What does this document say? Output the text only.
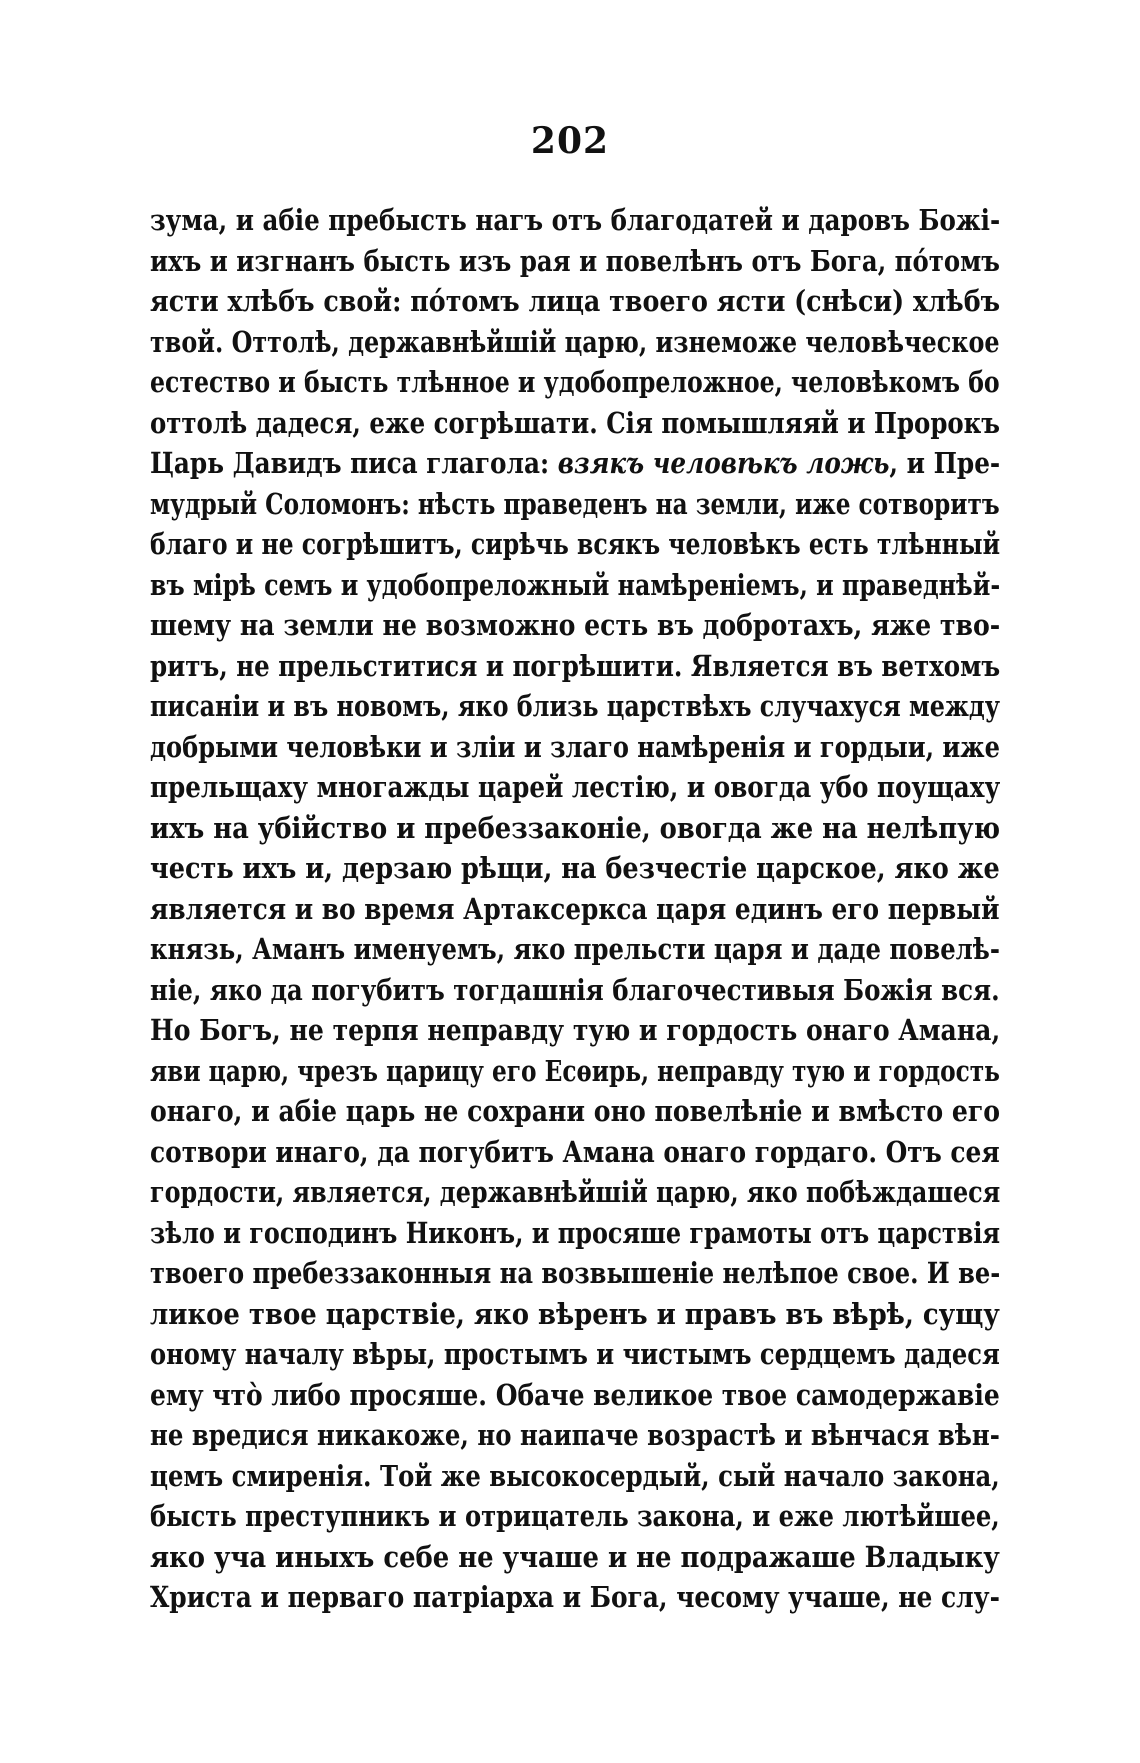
202
зума, и абіе пребысть нагъ отъ благодатей и даровъ Божі-
ихъ и изгнанъ бысть изъ рая и повелѣнъ отъ Бога, пóтомъ
ясти хлѣбъ свой: пóтомъ лица твоего ясти (снѣси) хлѣбъ
твой. Оттолѣ, державнѣйшій царю, изнеможе человѣческое
естество и бысть тлѣнное и удобопреложное, человѣкомъ бо
оттолѣ дадеся, еже согрѣшати. Сія помышляяй и Пророкъ
Царь Давидъ писа глагола: взякъ человѣкъ ложь, и Пре-
мудрый Соломонъ: нѣсть праведенъ на земли, иже сотворитъ
благо и не согрѣшитъ, сирѣчь всякъ человѣкъ есть тлѣнный
въ мірѣ семъ и удобопреложный намѣреніемъ, и праведнѣй-
шему на земли не возможно есть въ добротахъ, яже тво-
ритъ, не прельститися и погрѣшити. Является въ ветхомъ
писаніи и въ новомъ, яко близь царствѣхъ случахуся между
добрыми человѣки и зліи и злаго намѣренія и гордыи, иже
прельщаху многажды царей лестію, и овогда убо поущаху
ихъ на убійство и пребеззаконіе, овогда же на нелѣпую
честь ихъ и, дерзаю рѣщи, на безчестіе царское, яко же
является и во время Артаксеркса царя единъ его первый
князь, Аманъ именуемъ, яко прельсти царя и даде повелѣ-
ніе, яко да погубитъ тогдашнія благочестивыя Божія вся.
Но Богъ, не терпя неправду тую и гордость онаго Амана,
яви царю, чрезъ царицу его Есѳирь, неправду тую и гордость
онаго, и абіе царь не сохрани оно повелѣніе и вмѣсто его
сотвори инаго, да погубитъ Амана онаго гордаго. Отъ сея
гордости, является, державнѣйшій царю, яко побѣждашеся
зѣло и господинъ Никонъ, и просяше грамоты отъ царствія
твоего пребеззаконныя на возвышеніе нелѣпое свое. И ве-
ликое твое царствіе, яко вѣренъ и правъ въ вѣрѣ, сущу
оному началу вѣры, простымъ и чистымъ сердцемъ дадеся
ему чтò либо просяше. Обаче великое твое самодержавіе
не вредися никакоже, но наипаче возрастѣ и вѣнчася вѣн-
цемъ смиренія. Той же высокосердый, сый начало закона,
бысть преступникъ и отрицатель закона, и еже лютѣйшее,
яко уча иныхъ себе не учаше и не подражаше Владыку
Христа и перваго патріарха и Бога, чесому учаше, не слу-
